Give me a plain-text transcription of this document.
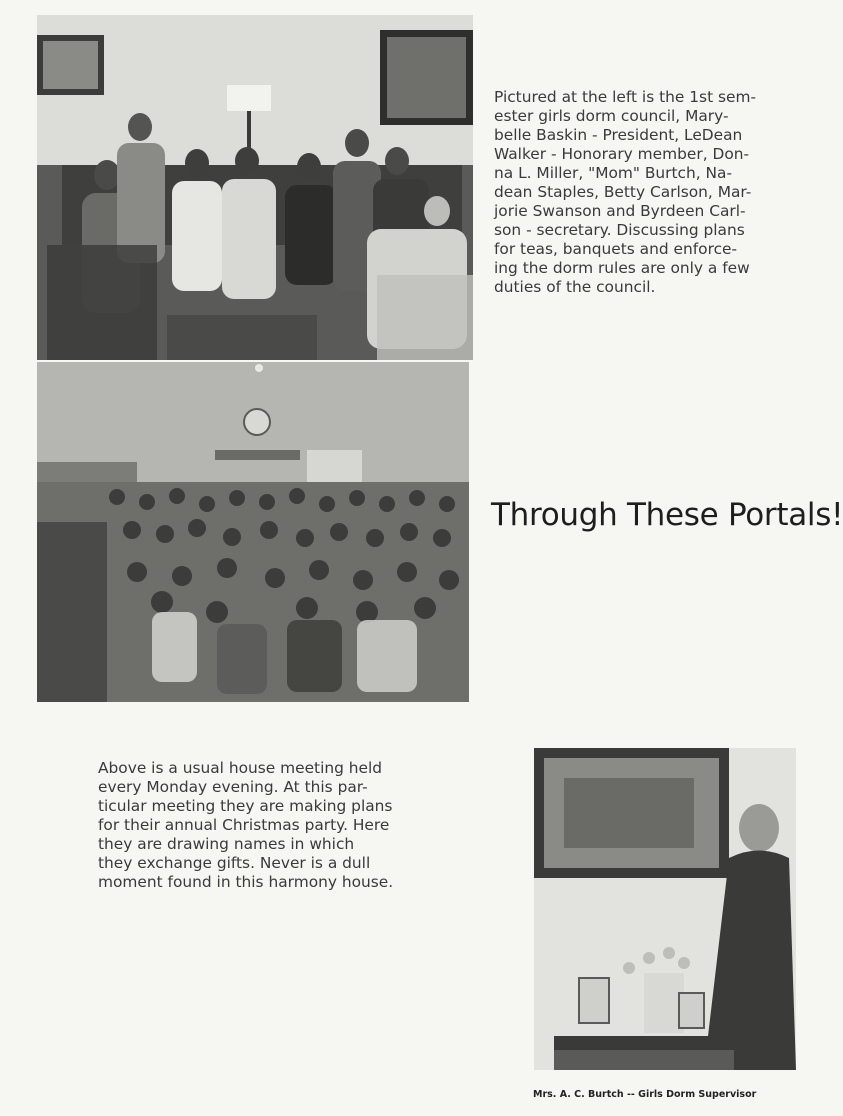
Pictured at the left is the 1st sem-
ester girls dorm council, Mary-
belle Baskin - President, LeDean
Walker - Honorary member, Don-
na L. Miller, "Mom" Burtch, Na-
dean Staples, Betty Carlson, Mar-
jorie Swanson and Byrdeen Carl-
son - secretary. Discussing plans
for teas, banquets and enforce-
ing the dorm rules are only a few
duties of the council.

Through These Portals!

Above is a usual house meeting held
every Monday evening. At this par-
ticular meeting they are making plans
for their annual Christmas party. Here
they are drawing names in which
they exchange gifts. Never is a dull
moment found in this harmony house.

Mrs. A. C. Burtch -- Girls Dorm Supervisor
